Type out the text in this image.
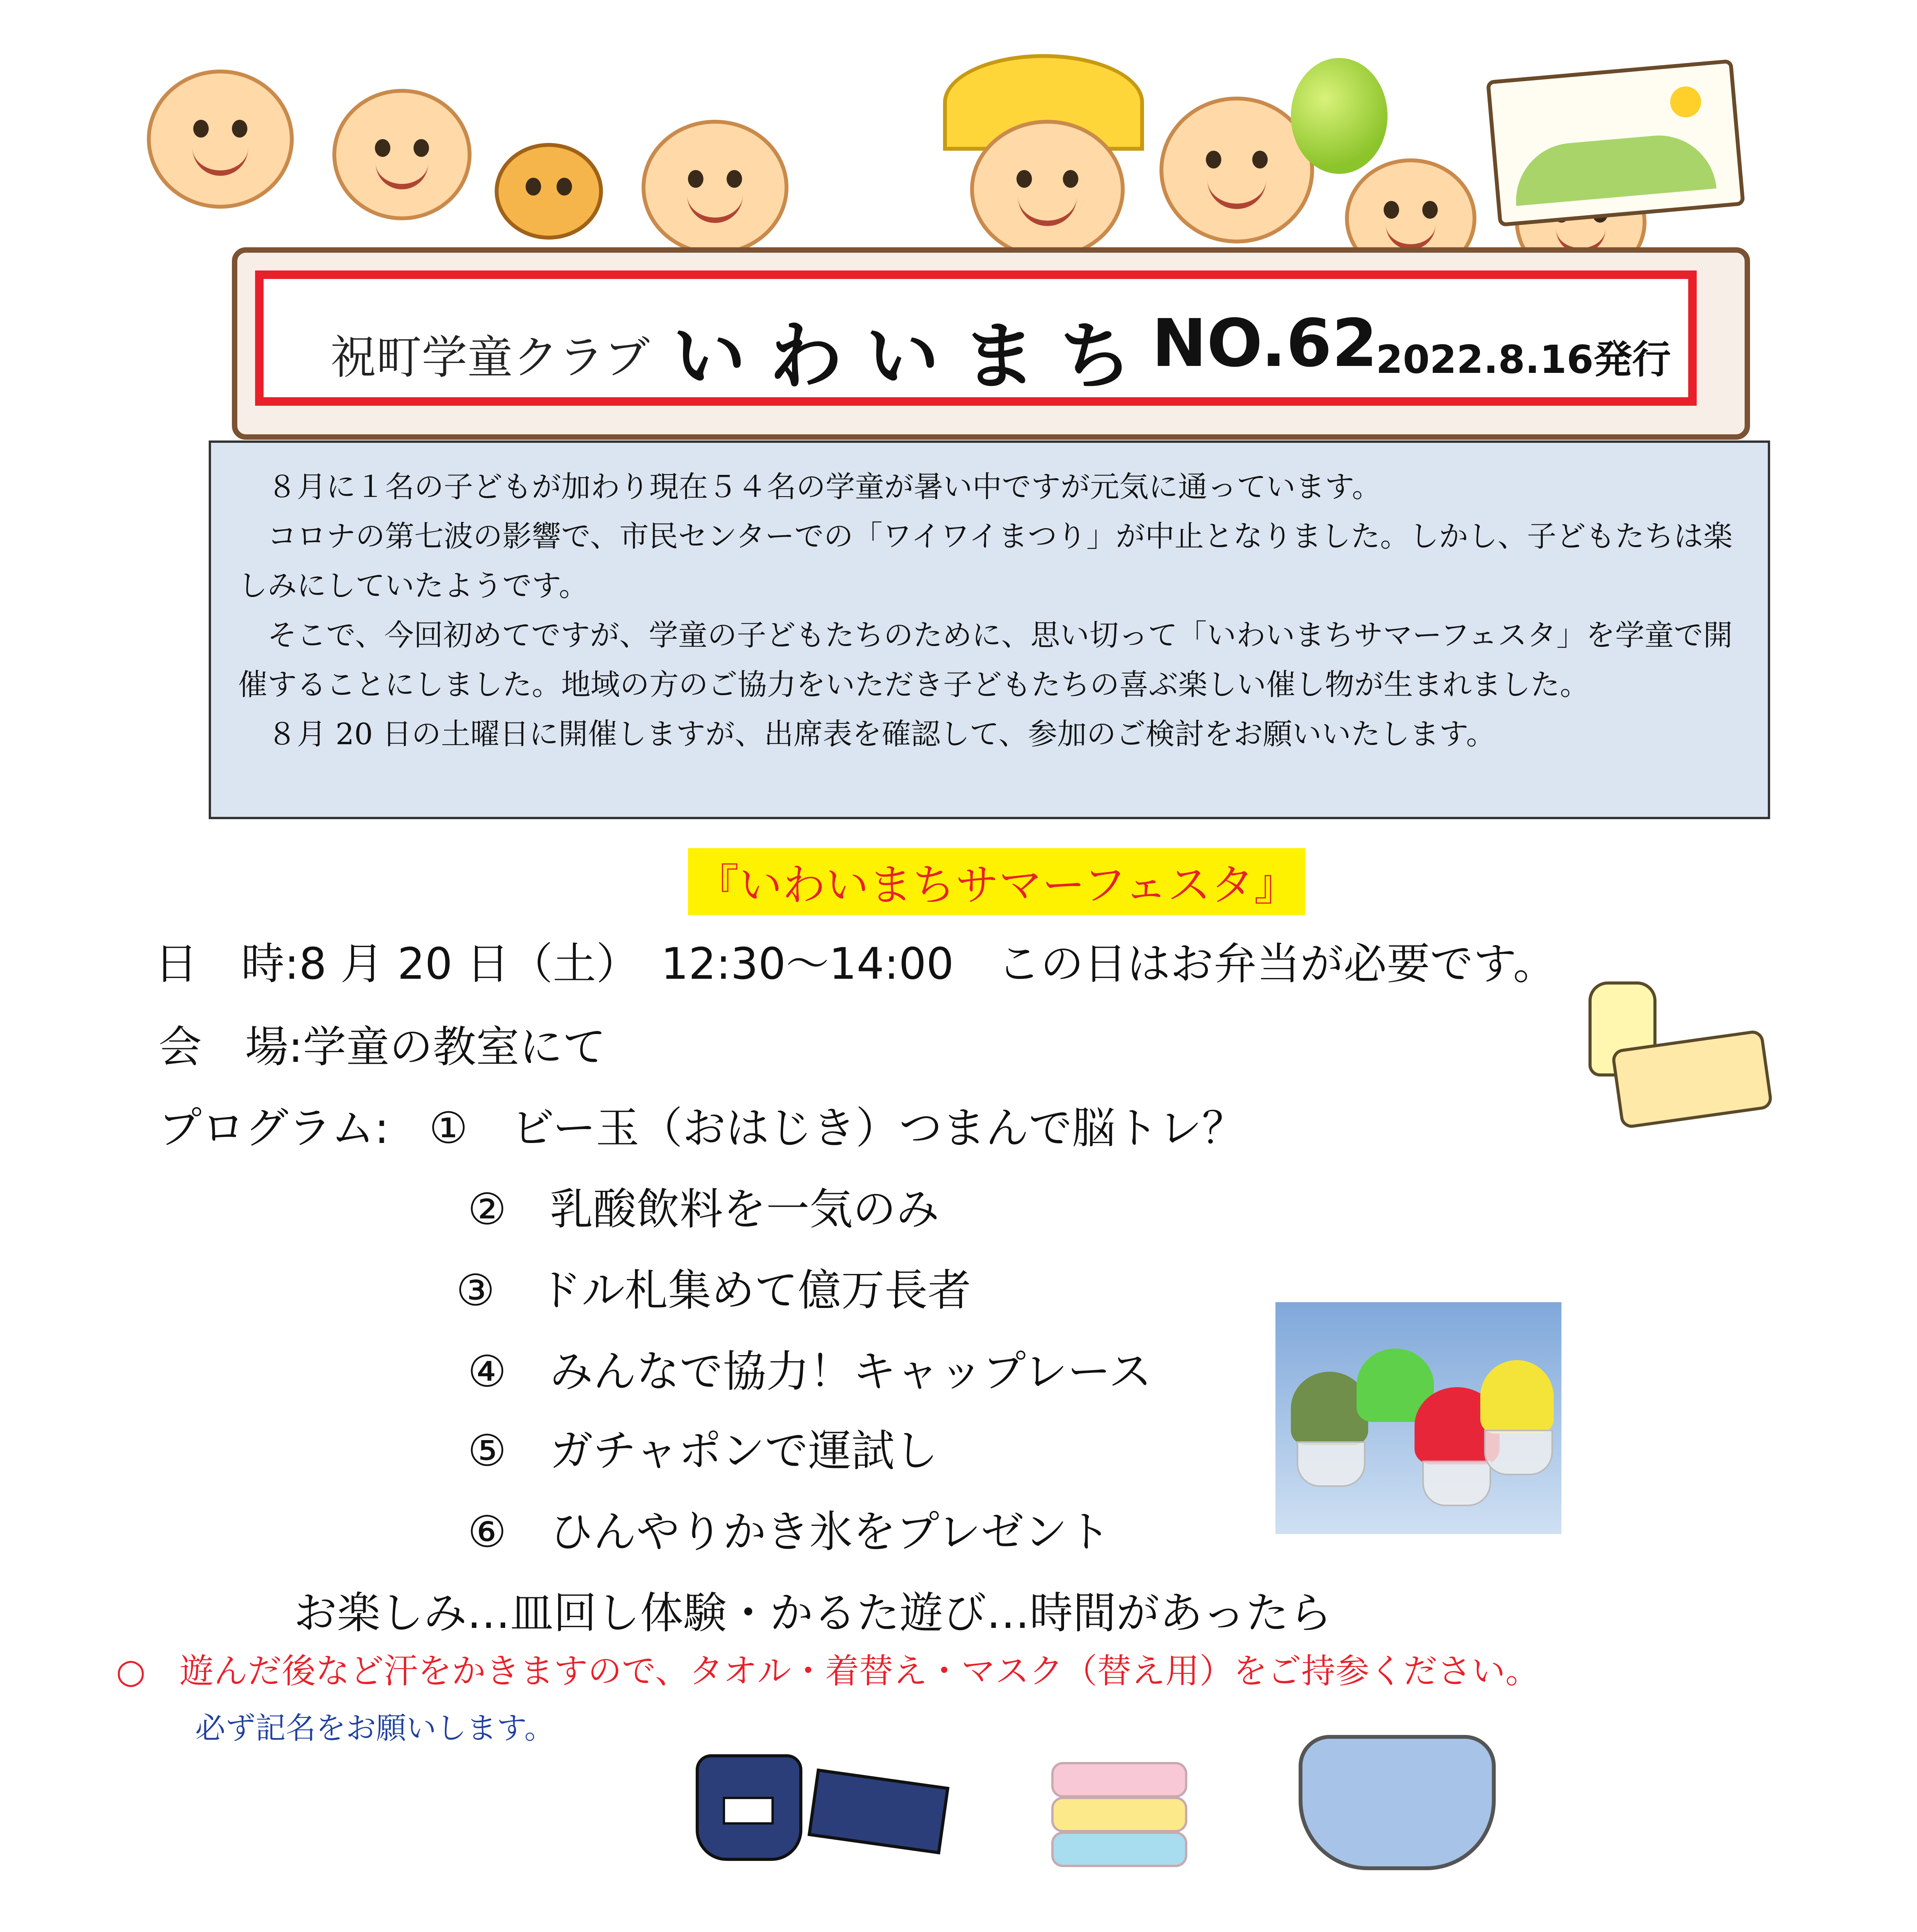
祝町学童クラブ いわいまち
NO.62
2022.8.16発行

８月に１名の子どもが加わり現在５４名の学童が暑い中ですが元気に通っています。

コロナの第七波の影響で、市民センターでの「ワイワイまつり」が中止となりました。しかし、子どもたちは楽しみにしていたようです。

そこで、今回初めてですが、学童の子どもたちのために、思い切って「いわいまちサマーフェスタ」を学童で開催することにしました。地域の方のご協力をいただき子どもたちの喜ぶ楽しい催し物が生まれました。

８月 20 日の土曜日に開催しますが、出席表を確認して、参加のご検討をお願いいたします。

『いわいまちサマーフェスタ』
日　時:8 月 20 日（土）　12:30～14:00　この日はお弁当が必要です。
会　場:学童の教室にて
プログラム: ①　ビー玉（おはじき）つまんで脳トレ？
②　乳酸飲料を一気のみ
③　ドル札集めて億万長者
④　みんなで協力！キャップレース
⑤　ガチャポンで運試し
⑥　ひんやりかき氷をプレゼント
お楽しみ…皿回し体験・かるた遊び…時間があったら
○　遊んだ後など汗をかきますので、タオル・着替え・マスク（替え用）をご持参ください。
必ず記名をお願いします。
